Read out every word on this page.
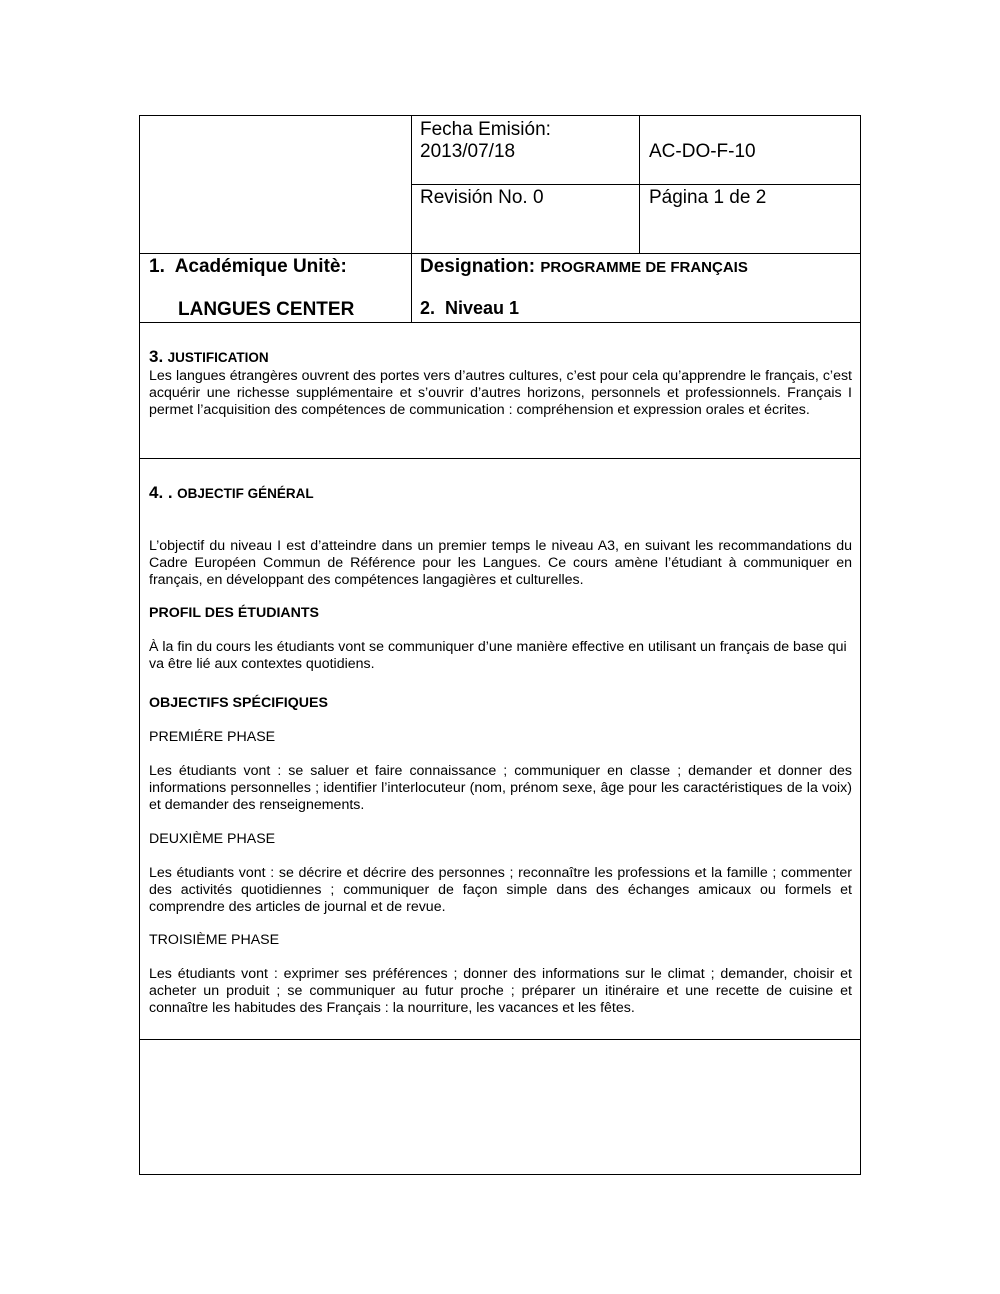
Fecha Emisión:
2013/07/18	AC-DO-F-10
Revisión No. 0	Página 1 de 2
1.  Académique Unitè:
LANGUES CENTER
Designation: PROGRAMME DE FRANÇAIS
2.  Niveau 1
3. JUSTIFICATION

Les langues étrangères ouvrent des portes vers d’autres cultures, c’est pour cela qu’apprendre le français, c’est acquérir une richesse supplémentaire et s’ouvrir d’autres horizons, personnels et professionnels. Français I permet l’acquisition des compétences de communication : compréhension et expression orales et écrites.

4. . OBJECTIF GÉNÉRAL

L’objectif du niveau I est d’atteindre dans un premier temps le niveau A3, en suivant les recommandations du Cadre Européen Commun de Référence pour les Langues. Ce cours amène l’étudiant à communiquer en français, en développant des compétences langagières et culturelles.

PROFIL DES ÉTUDIANTS

À la fin du cours les étudiants vont se communiquer d’une manière effective en utilisant un français de base qui va être lié aux contextes quotidiens.

OBJECTIFS SPÉCIFIQUES
PREMIÉRE PHASE

Les étudiants vont : se saluer et faire connaissance ; communiquer en classe ; demander et donner des informations personnelles ; identifier l’interlocuteur (nom, prénom sexe, âge pour les caractéristiques de la voix) et demander des renseignements.

DEUXIÈME PHASE

Les étudiants vont : se décrire et décrire des personnes ; reconnaître les professions et la famille ; commenter des activités quotidiennes ; communiquer de façon simple dans des échanges amicaux ou formels et comprendre des articles de journal et de revue.

TROISIÈME PHASE

Les étudiants vont : exprimer ses préférences ; donner des informations sur le climat ; demander, choisir et acheter un produit ; se communiquer au futur proche ; préparer un itinéraire et une recette de cuisine et connaître les habitudes des Français : la nourriture, les vacances et les fêtes.
